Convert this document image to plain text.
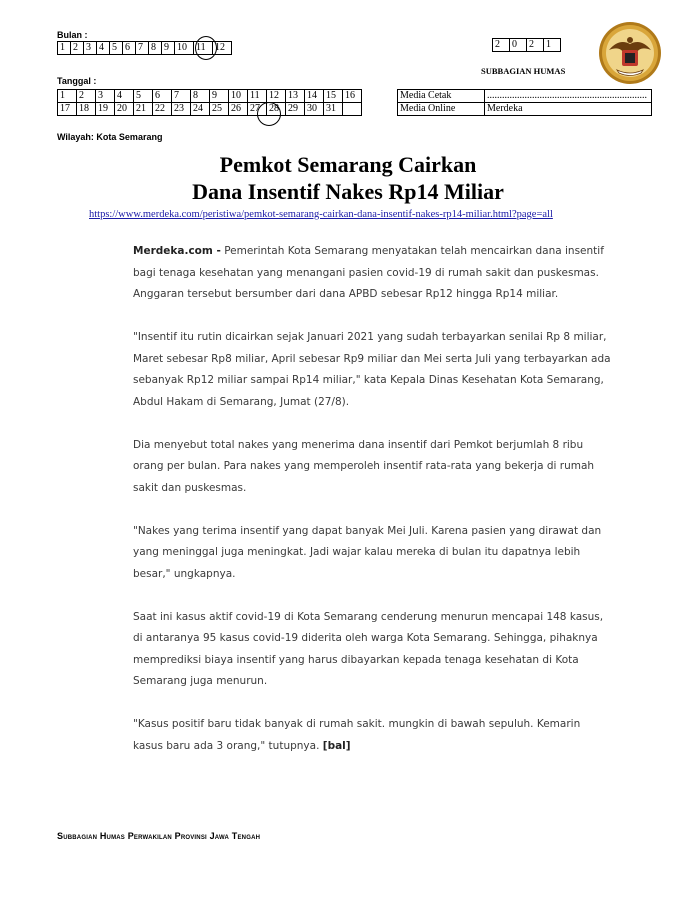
Bulan :
1	2	3	4	5	6	7	8	9	10	11	12	2	0	2	1
SUBBAGIAN HUMAS
Tanggal :
1	2	3	4	5	6	7	8	9	10	11	12	13	14	15	16
17	18	19	20	21	22	23	24	25	26	27	28	29	30	31	
Media Cetak	................................................................
Media Online	Merdeka
Wilayah: Kota Semarang
Pemkot Semarang Cairkan
Dana Insentif Nakes Rp14 Miliar
https://www.merdeka.com/peristiwa/pemkot-semarang-cairkan-dana-insentif-nakes-rp14-miliar.html?page=all

Merdeka.com - Pemerintah Kota Semarang menyatakan telah mencairkan dana insentif bagi tenaga kesehatan yang menangani pasien covid-19 di rumah sakit dan puskesmas. Anggaran tersebut bersumber dari dana APBD sebesar Rp12 hingga Rp14 miliar.

"Insentif itu rutin dicairkan sejak Januari 2021 yang sudah terbayarkan senilai Rp 8 miliar, Maret sebesar Rp8 miliar, April sebesar Rp9 miliar dan Mei serta Juli yang terbayarkan ada sebanyak Rp12 miliar sampai Rp14 miliar," kata Kepala Dinas Kesehatan Kota Semarang, Abdul Hakam di Semarang, Jumat (27/8).

Dia menyebut total nakes yang menerima dana insentif dari Pemkot berjumlah 8 ribu orang per bulan. Para nakes yang memperoleh insentif rata-rata yang bekerja di rumah sakit dan puskesmas.

"Nakes yang terima insentif yang dapat banyak Mei Juli. Karena pasien yang dirawat dan yang meninggal juga meningkat. Jadi wajar kalau mereka di bulan itu dapatnya lebih besar," ungkapnya.

Saat ini kasus aktif covid-19 di Kota Semarang cenderung menurun mencapai 148 kasus, di antaranya 95 kasus covid-19 diderita oleh warga Kota Semarang. Sehingga, pihaknya memprediksi biaya insentif yang harus dibayarkan kepada tenaga kesehatan di Kota Semarang juga menurun.

"Kasus positif baru tidak banyak di rumah sakit. mungkin di bawah sepuluh. Kemarin kasus baru ada 3 orang," tutupnya. [bal]

Subbagian Humas Perwakilan Provinsi Jawa Tengah
